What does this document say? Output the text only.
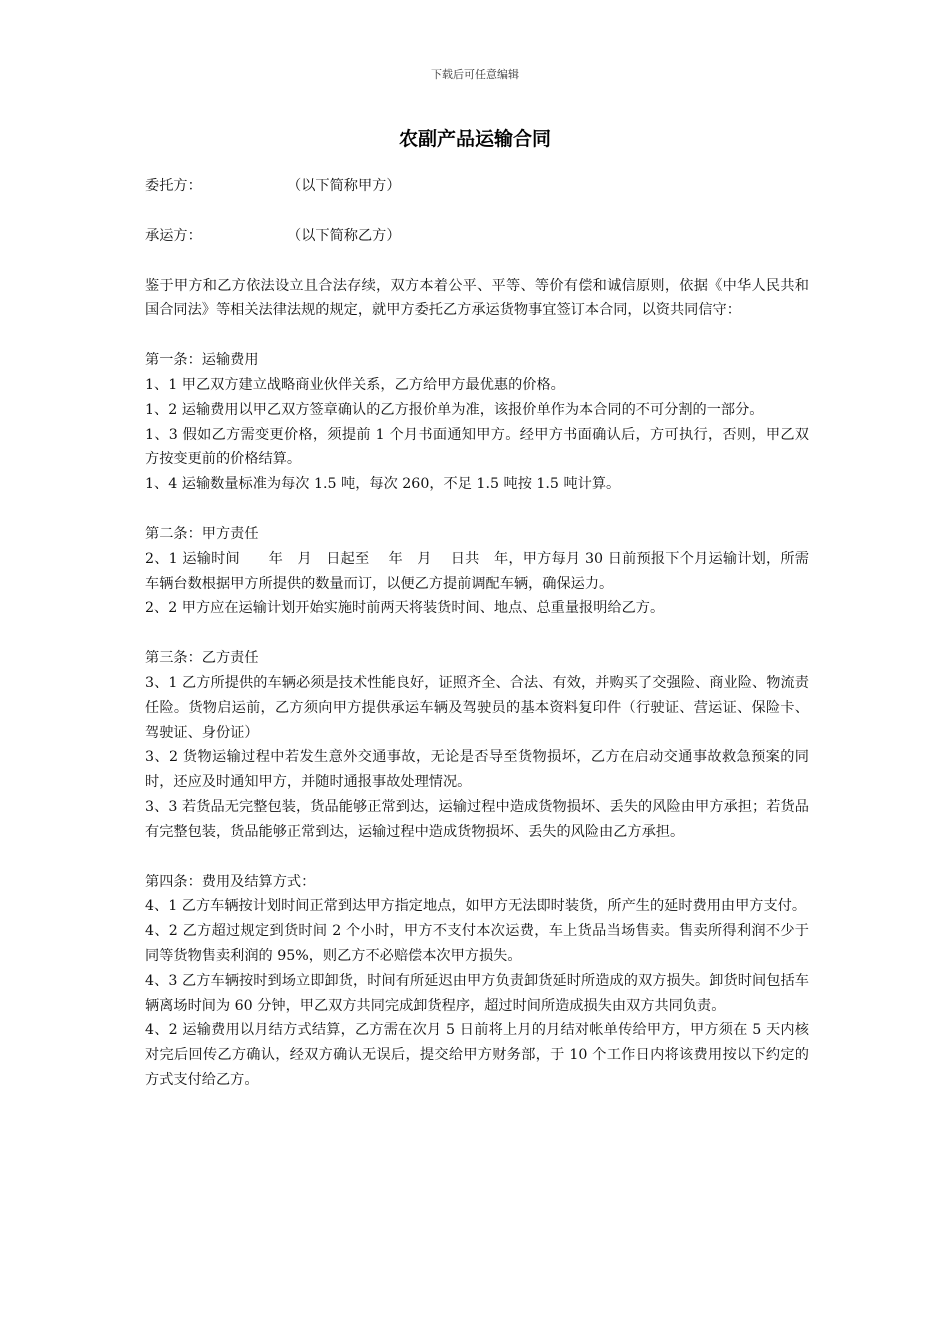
下载后可任意编辑
农副产品运输合同
委托方：	（以下简称甲方）
承运方：	（以下简称乙方）

鉴于甲方和乙方依法设立且合法存续，双方本着公平、平等、等价有偿和诚信原则，依据《中华人民共和国合同法》等相关法律法规的规定，就甲方委托乙方承运货物事宜签订本合同，以资共同信守：

第一条：运输费用

1、1 甲乙双方建立战略商业伙伴关系，乙方给甲方最优惠的价格。

1、2 运输费用以甲乙双方签章确认的乙方报价单为准，该报价单作为本合同的不可分割的一部分。

1、3 假如乙方需变更价格，须提前 1 个月书面通知甲方。经甲方书面确认后，方可执行，否则，甲乙双方按变更前的价格结算。

1、4 运输数量标准为每次 1.5 吨，每次 260，不足 1.5 吨按 1.5 吨计算。

第二条：甲方责任

2、1 运输时间　　年　月　日起至　 年　月　 日共　年，甲方每月 30 日前预报下个月运输计划，所需车辆台数根据甲方所提供的数量而订，以便乙方提前调配车辆，确保运力。

2、2 甲方应在运输计划开始实施时前两天将装货时间、地点、总重量报明给乙方。

第三条：乙方责任

3、1 乙方所提供的车辆必须是技术性能良好，证照齐全、合法、有效，并购买了交强险、商业险、物流责任险。货物启运前，乙方须向甲方提供承运车辆及驾驶员的基本资料复印件（行驶证、营运证、保险卡、驾驶证、身份证）

3、2 货物运输过程中若发生意外交通事故，无论是否导至货物损坏，乙方在启动交通事故救急预案的同时，还应及时通知甲方，并随时通报事故处理情况。

3、3 若货品无完整包装，货品能够正常到达，运输过程中造成货物损坏、丢失的风险由甲方承担；若货品有完整包装，货品能够正常到达，运输过程中造成货物损坏、丢失的风险由乙方承担。

第四条：费用及结算方式：

4、1 乙方车辆按计划时间正常到达甲方指定地点，如甲方无法即时装货，所产生的延时费用由甲方支付。

4、2 乙方超过规定到货时间 2 个小时，甲方不支付本次运费，车上货品当场售卖。售卖所得利润不少于同等货物售卖利润的 95%，则乙方不必赔偿本次甲方损失。

4、3 乙方车辆按时到场立即卸货，时间有所延迟由甲方负责卸货延时所造成的双方损失。卸货时间包括车辆离场时间为 60 分钟，甲乙双方共同完成卸货程序，超过时间所造成损失由双方共同负责。

4、2 运输费用以月结方式结算，乙方需在次月 5 日前将上月的月结对帐单传给甲方，甲方须在 5 天内核对完后回传乙方确认，经双方确认无误后，提交给甲方财务部，于 10 个工作日内将该费用按以下约定的方式支付给乙方。
